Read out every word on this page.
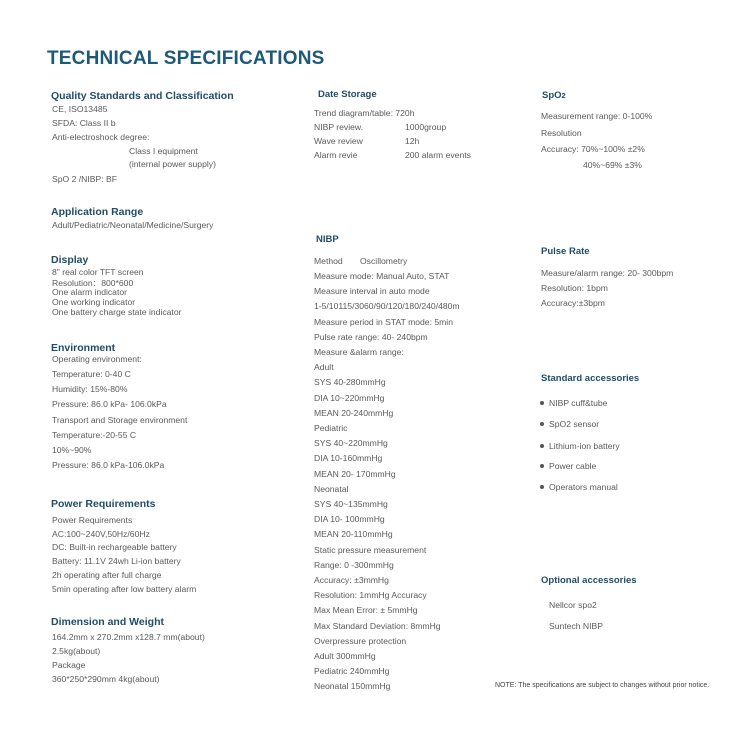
TECHNICAL SPECIFICATIONS
Quality Standards and Classification
CE, ISO13485
SFDA: Class II b
Anti-electroshock degree:
Class I equipment
(internal power supply)
SpO 2 /NIBP: BF
Application Range
Adult/Pediatric/Neonatal/Medicine/Surgery
Display
8" real color TFT screen
Resolution：800*600
One alarm indicator
One working indicator
One battery charge state indicator
Environment
Operating environment:
Temperature: 0-40 C
Humidity: 15%-80%
Pressure: 86.0 kPa- 106.0kPa
Transport and Storage environment
Temperature:-20-55 C
10%~90%
Pressure: 86.0 kPa-106.0kPa
Power Requirements
Power Requirements
AC:100~240V,50Hz/60Hz
DC: Built-in rechargeable battery
Battery: 11.1V 24wh Li-ion battery
2h operating after full charge
5min operating after low battery alarm
Dimension and Weight
164.2mm x 270.2mm x128.7 mm(about)
2.5kg(about)
Package
360*250*290mm 4kg(about)
Date Storage
Trend diagram/table: 720h
NIBP review.	1000group
Wave review	12h
Alarm revie	200 alarm events
NIBP
Method Oscillometry
Measure mode: Manual Auto, STAT
Measure interval in auto mode
1-5/10115/3060/90/120/180/240/480m
Measure period in STAT mode: 5min
Pulse rate range: 40- 240bpm
Measure &alarm range:
Adult
SYS 40-280mmHg
DIA 10~220mmHg
MEAN 20-240mmHg
Pediatric
SYS 40~220mmHg
DIA 10-160mmHg
MEAN 20- 170mmHg
Neonatal
SYS 40~135mmHg
DIA 10- 100mmHg
MEAN 20-110mmHg
Static pressure measurement
Range: 0 -300mmHg
Accuracy: ±3mmHg
Resolution: 1mmHg Accuracy
Max Mean Error: ± 5mmHg
Max Standard Deviation: 8mmHg
Overpressure protection
Adult 300mmHg
Pediatric 240mmHg
Neonatal 150mmHg
SpO2
Measurement range: 0-100%
Resolution
Accuracy: 70%~100% ±2%
40%~69% ±3%
Pulse Rate
Measure/alarm range: 20- 300bpm
Resolution: 1bpm
Accuracy:±3bpm
Standard accessories
NIBP cuff&tube
SpO2 sensor
Lithium-ion battery
Power cable
Operators manual
Optional accessories
Nellcor spo2
Suntech NIBP
NOTE: The specifications are subject to changes without prior notice.
